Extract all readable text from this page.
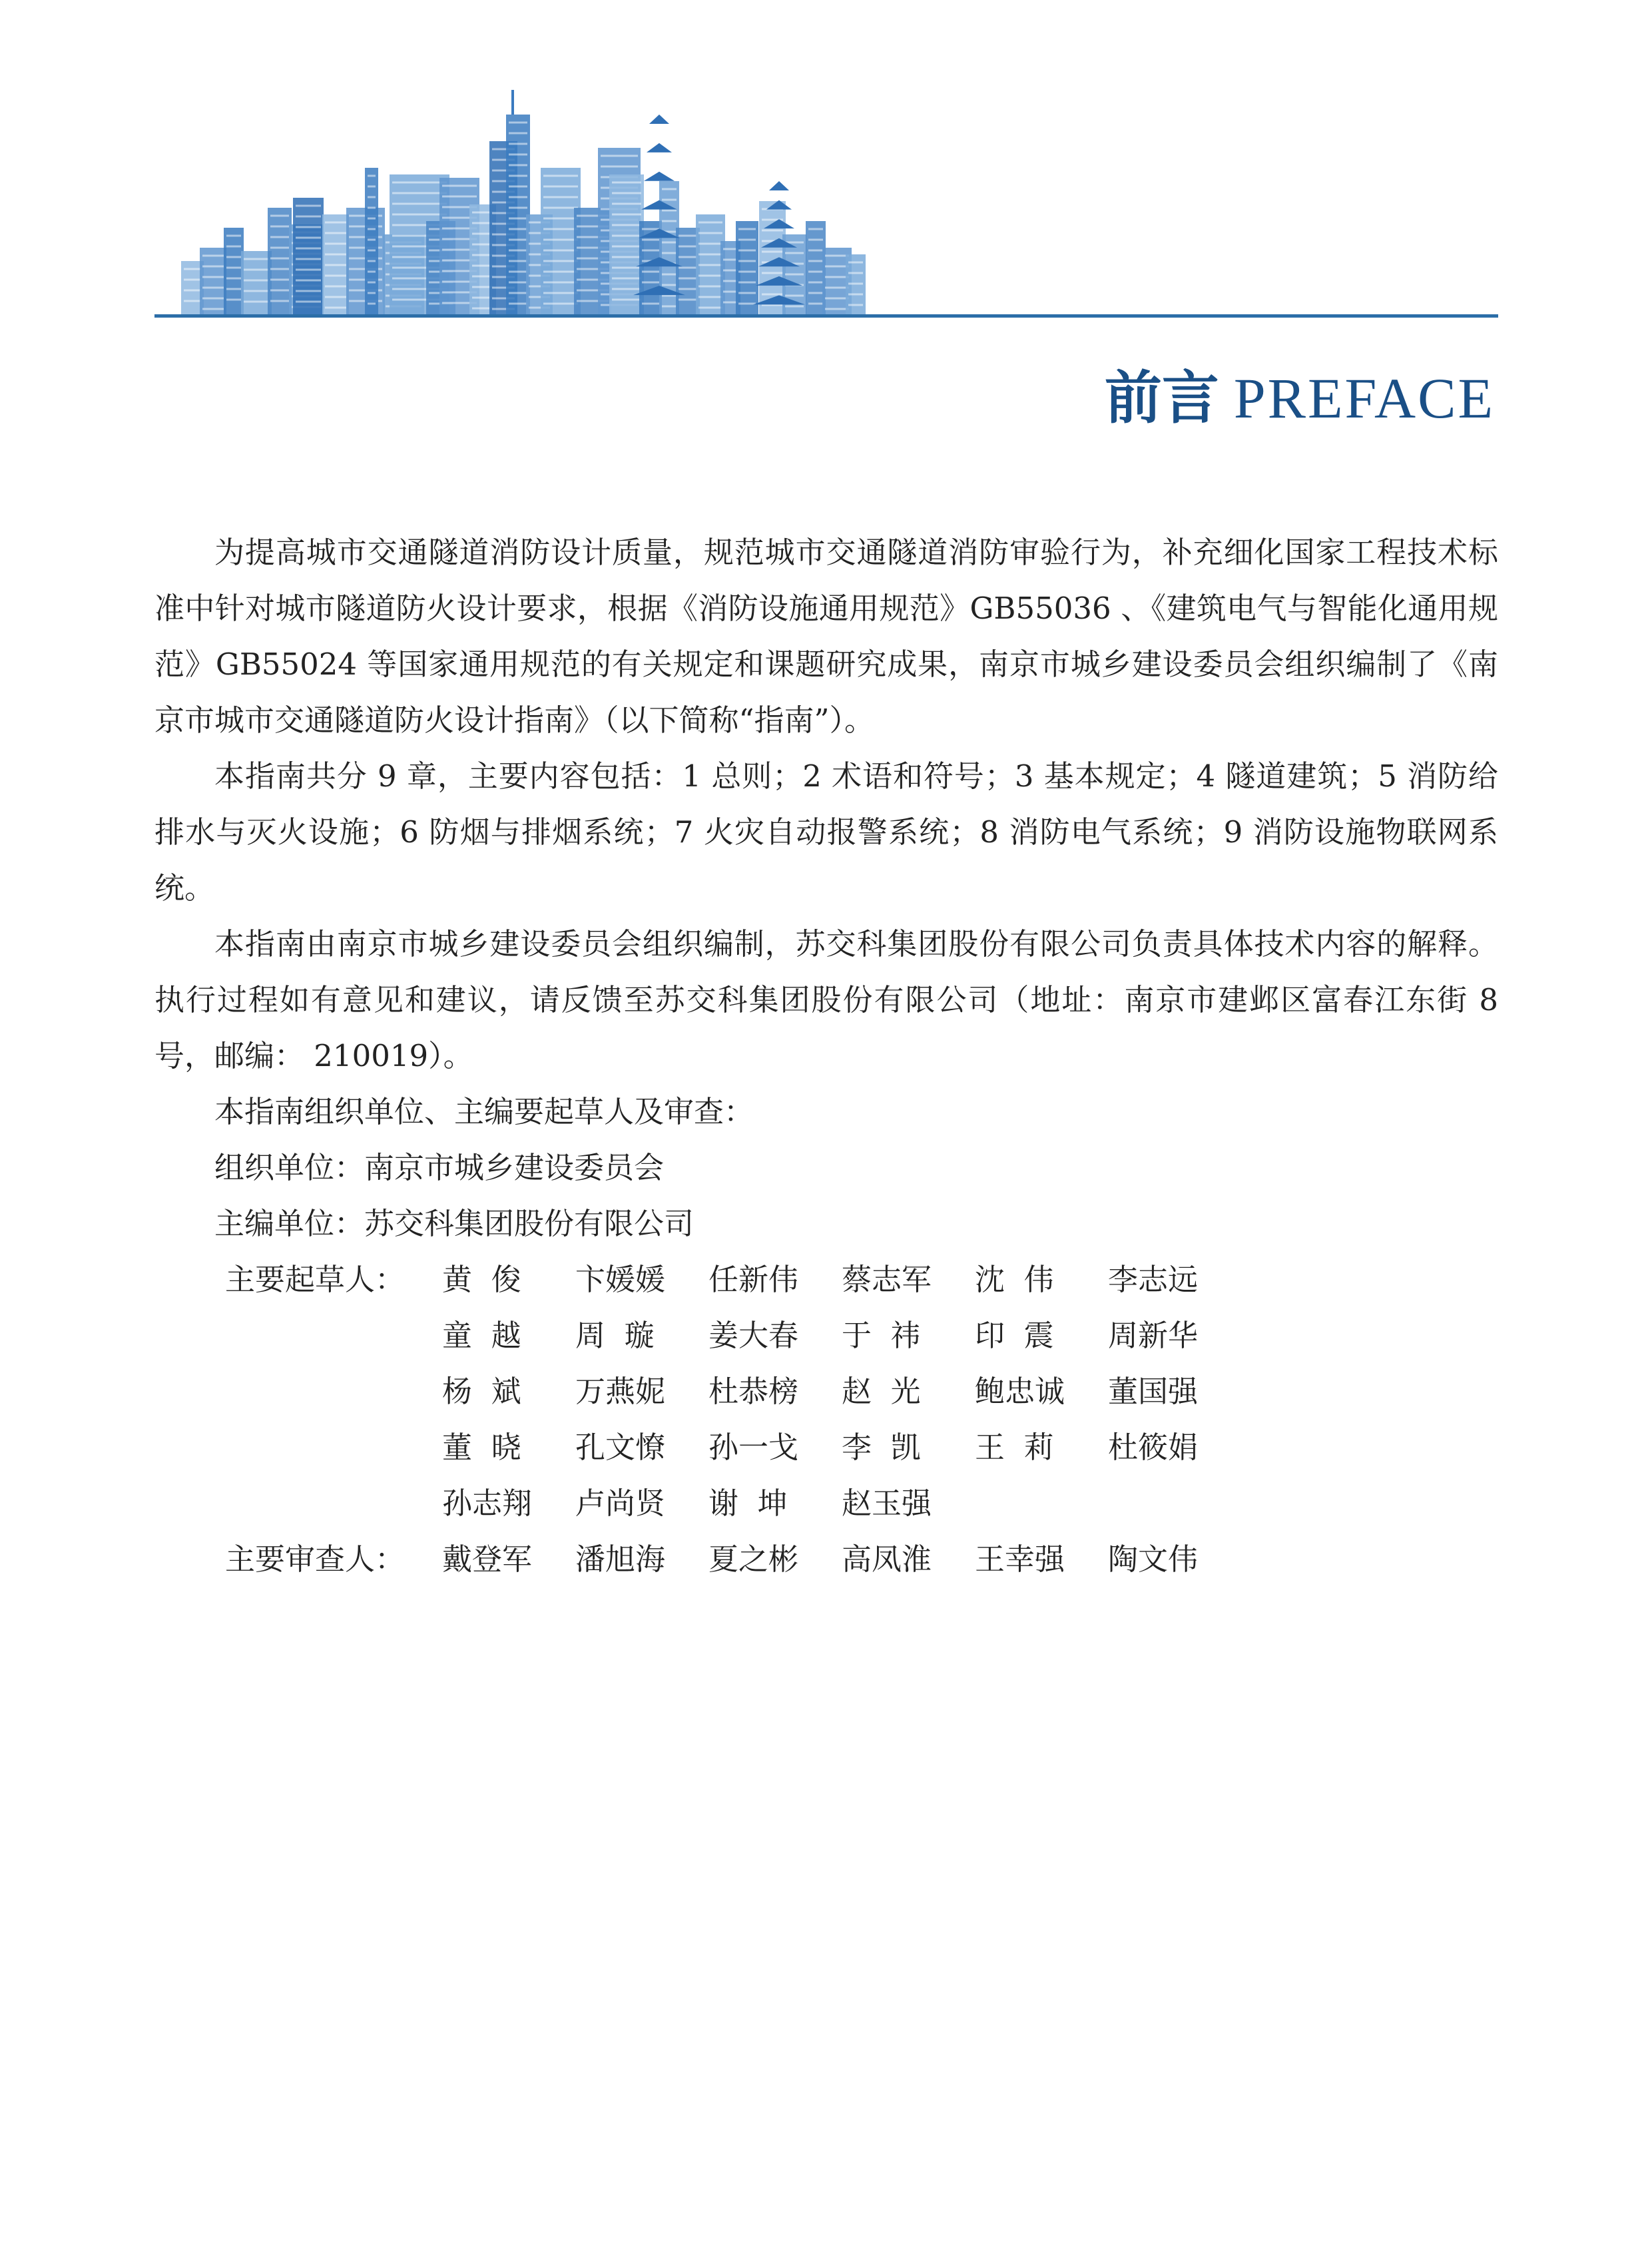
前言 PREFACE

为提高城市交通隧道消防设计质量，规范城市交通隧道消防审验行为，补充细化国家工程技术标准中针对城市隧道防火设计要求，根据《消防设施通用规范》GB55036 、《建筑电气与智能化通用规范》GB55024 等国家通用规范的有关规定和课题研究成果，南京市城乡建设委员会组织编制了《南京市城市交通隧道防火设计指南》（以下简称“指南”）。

本指南共分 9 章，主要内容包括：1 总则；2 术语和符号；3 基本规定；4 隧道建筑；5 消防给排水与灭火设施；6 防烟与排烟系统；7 火灾自动报警系统；8 消防电气系统；9 消防设施物联网系统。

本指南由南京市城乡建设委员会组织编制，苏交科集团股份有限公司负责具体技术内容的解释。执行过程如有意见和建议，请反馈至苏交科集团股份有限公司（地址：南京市建邺区富春江东街 8 号，邮编： 210019）。

本指南组织单位、主编要起草人及审查：

组织单位：南京市城乡建设委员会

主编单位：苏交科集团股份有限公司

主要起草人：	黄  俊	卞媛媛	任新伟	蔡志军	沈  伟	李志远
童  越	周  璇	姜大春	于  祎	印  震	周新华
杨  斌	万燕妮	杜恭榜	赵  光	鲍忠诚	董国强
董  晓	孔文憭	孙一戈	李  凯	王  莉	杜筱娟
孙志翔	卢尚贤	谢  坤	赵玉强
主要审查人：	戴登军	潘旭海	夏之彬	高凤淮	王幸强	陶文伟
